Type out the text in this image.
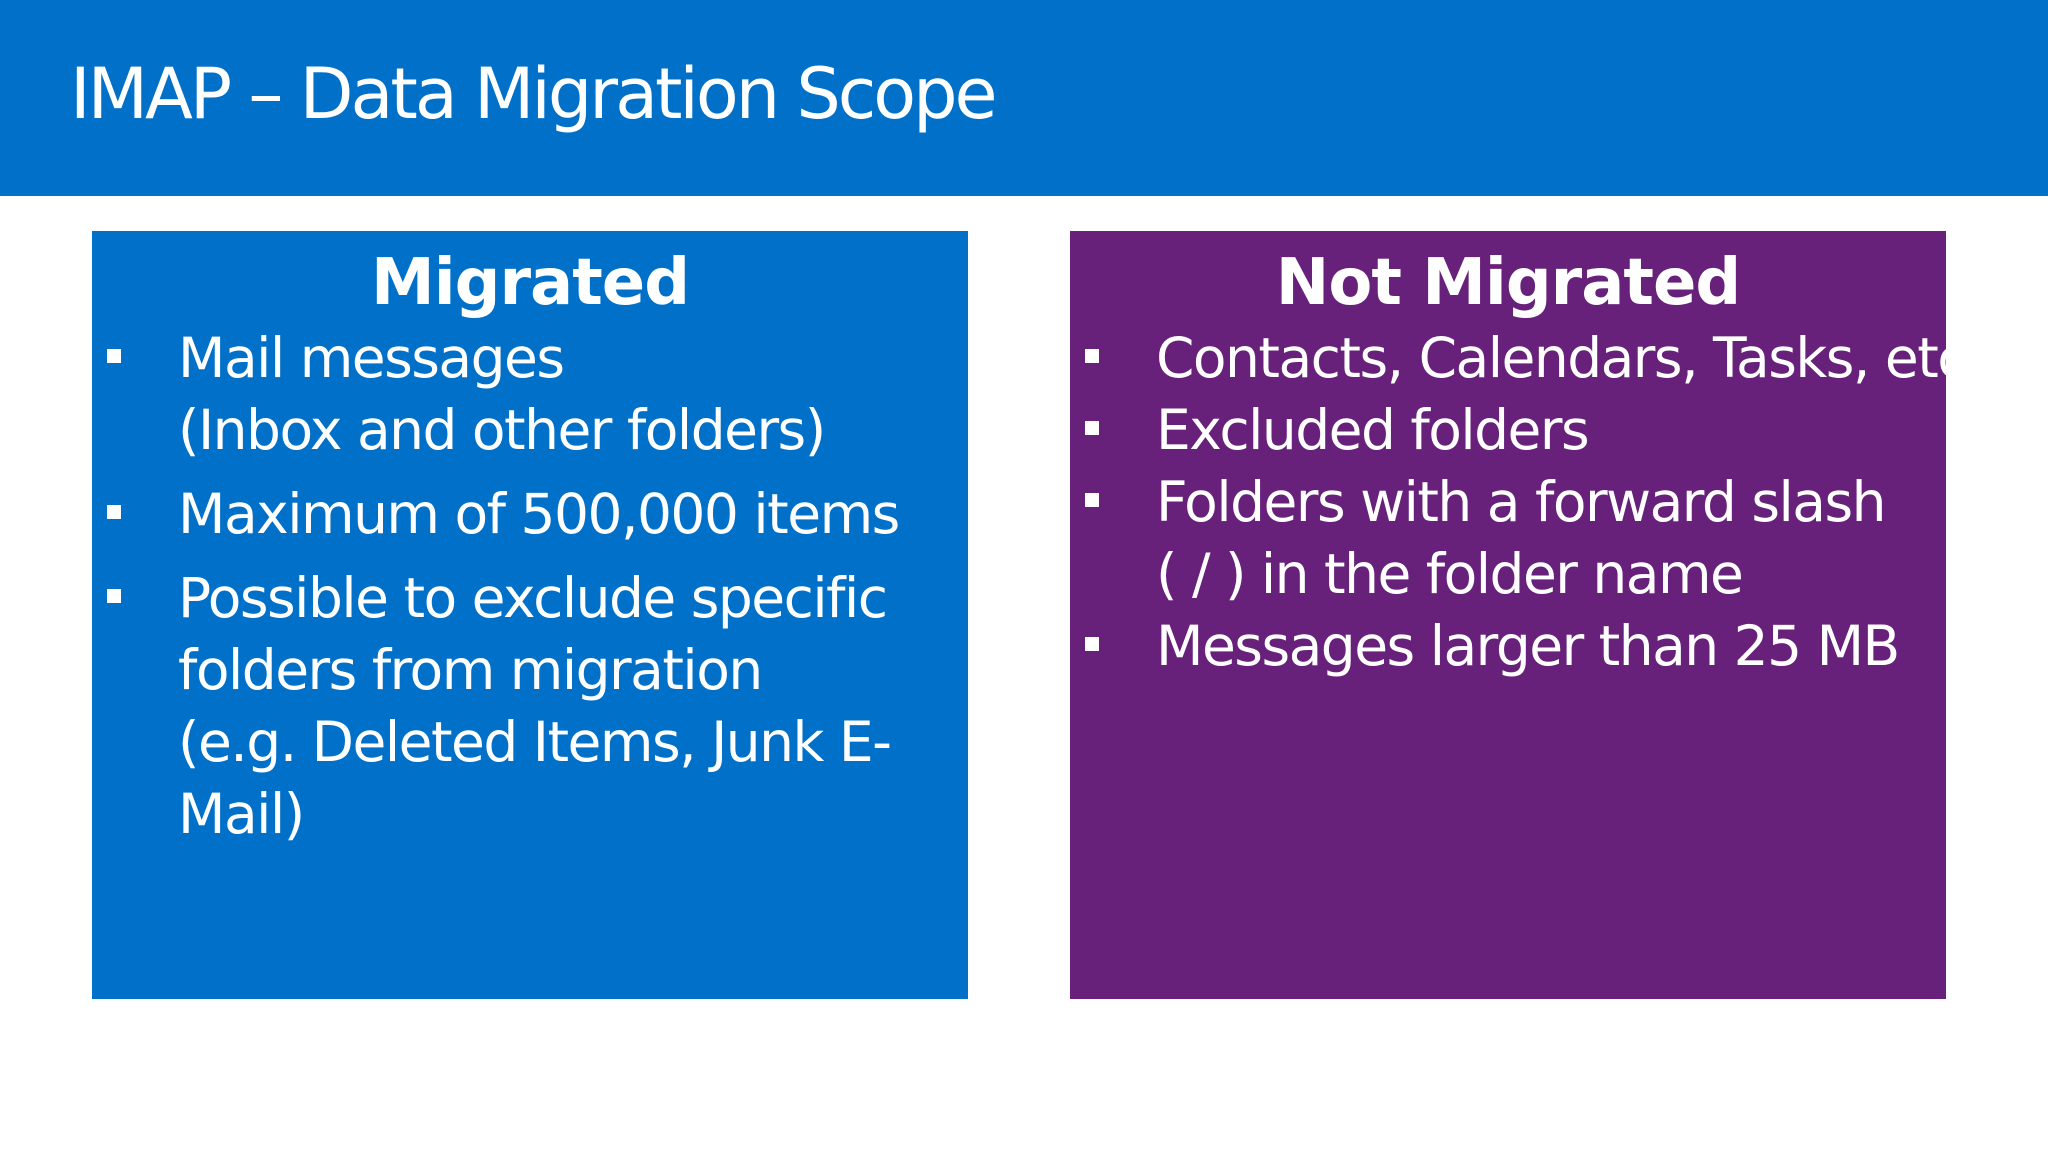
IMAP – Data Migration Scope
Migrated
Mail messages
(Inbox and other folders)
Maximum of 500,000 items
Possible to exclude specific
folders from migration
(e.g. Deleted Items, Junk E-
Mail)
Not Migrated
Contacts, Calendars, Tasks, etc.
Excluded folders
Folders with a forward slash
( / ) in the folder name
Messages larger than 25 MB
